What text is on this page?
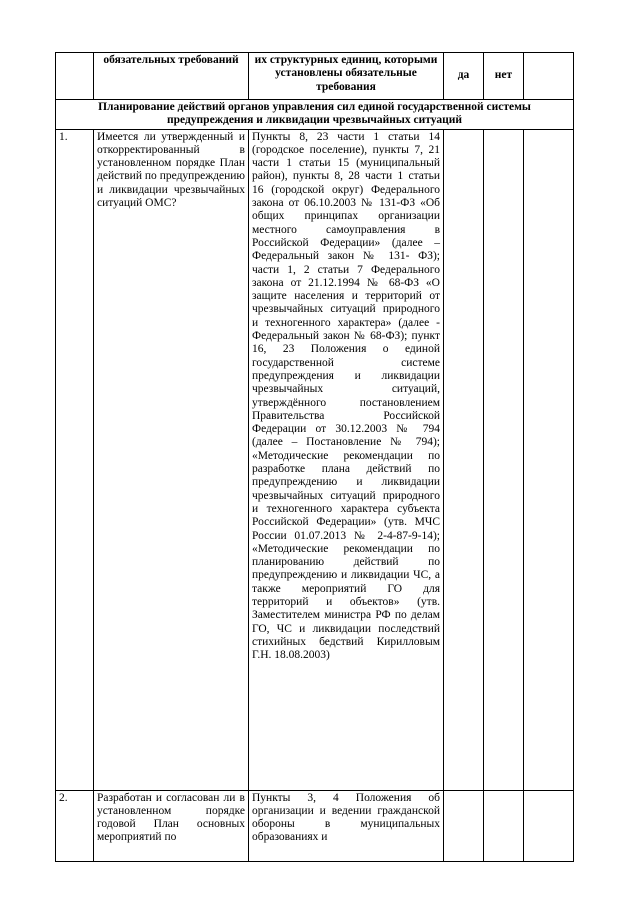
	обязательных требований	их структурных единиц, которыми установлены обязательные требования	да	нет	
Планирование действий органов управления сил единой государственной системы предупреждения и ликвидации чрезвычайных ситуаций					
1.	Имеется ли утвержденный и откорректированный в установленном порядке План действий по предупреждению и ликвидации чрезвычайных ситуаций ОМС?	Пункты 8, 23 части 1 статьи 14 (городское поселение), пункты 7, 21 части 1 статьи 15 (муниципальный район), пункты 8, 28 части 1 статьи 16 (городской округ) Федерального закона от 06.10.2003 № 131-ФЗ «Об общих принципах организации местного самоуправления в Российской Федерации» (далее – Федеральный закон № 131- ФЗ); части 1, 2 статьи 7 Федерального закона от 21.12.1994 № 68-ФЗ «О защите населения и территорий от чрезвычайных ситуаций природного и техногенного характера» (далее - Федеральный закон № 68-ФЗ); пункт 16, 23 Положения о единой государственной системе предупреждения и ликвидации чрезвычайных ситуаций, утверждённого постановлением Правительства Российской Федерации от 30.12.2003 № 794 (далее – Постановление № 794); «Методические рекомендации по разработке плана действий по предупреждению и ликвидации чрезвычайных ситуаций природного и техногенного характера субъекта Российской Федерации» (утв. МЧС России 01.07.2013 № 2-4-87-9-14); «Методические рекомендации по планированию действий по предупреждению и ликвидации ЧС, а также мероприятий ГО для территорий и объектов» (утв. Заместителем министра РФ по делам ГО, ЧС и ликвидации последствий стихийных бедствий Кирилловым Г.Н. 18.08.2003)			
2.	Разработан и согласован ли в установленном порядке годовой План основных мероприятий по	Пункты 3, 4 Положения об организации и ведении гражданской обороны в муниципальных образованиях и			
